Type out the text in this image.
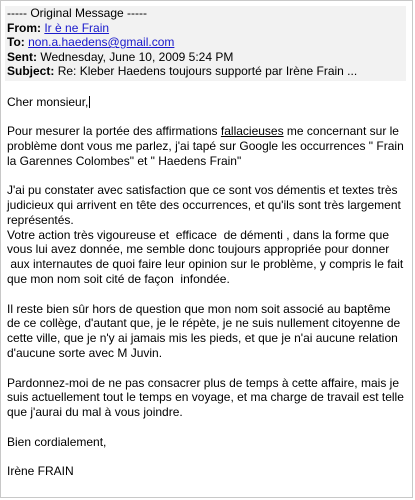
----- Original Message -----
From: Ir è ne Frain
To: non.a.haedens@gmail.com
Sent: Wednesday, June 10, 2009 5:24 PM
Subject: Re: Kleber Haedens toujours supporté par Irène Frain ...

Cher monsieur,

Pour mesurer la portée des affirmations fallacieuses me concernant sur le
problème dont vous me parlez, j'ai tapé sur Google les occurrences " Frain
la Garennes Colombes" et " Haedens Frain"

J'ai pu constater avec satisfaction que ce sont vos démentis et textes très
judicieux qui arrivent en tête des occurrences, et qu'ils sont très largement
représentés.
Votre action très vigoureuse et  efficace  de démenti , dans la forme que
vous lui avez donnée, me semble donc toujours appropriée pour donner
aux internautes de quoi faire leur opinion sur le problème, y compris le fait
que mon nom soit cité de façon  infondée.

Il reste bien sûr hors de question que mon nom soit associé au baptême
de ce collège, d'autant que, je le répète, je ne suis nullement citoyenne de
cette ville, que je n'y ai jamais mis les pieds, et que je n'ai aucune relation
d'aucune sorte avec M Juvin.

Pardonnez-moi de ne pas consacrer plus de temps à cette affaire, mais je
suis actuellement tout le temps en voyage, et ma charge de travail est telle
que j'aurai du mal à vous joindre.

Bien cordialement,

Irène FRAIN
